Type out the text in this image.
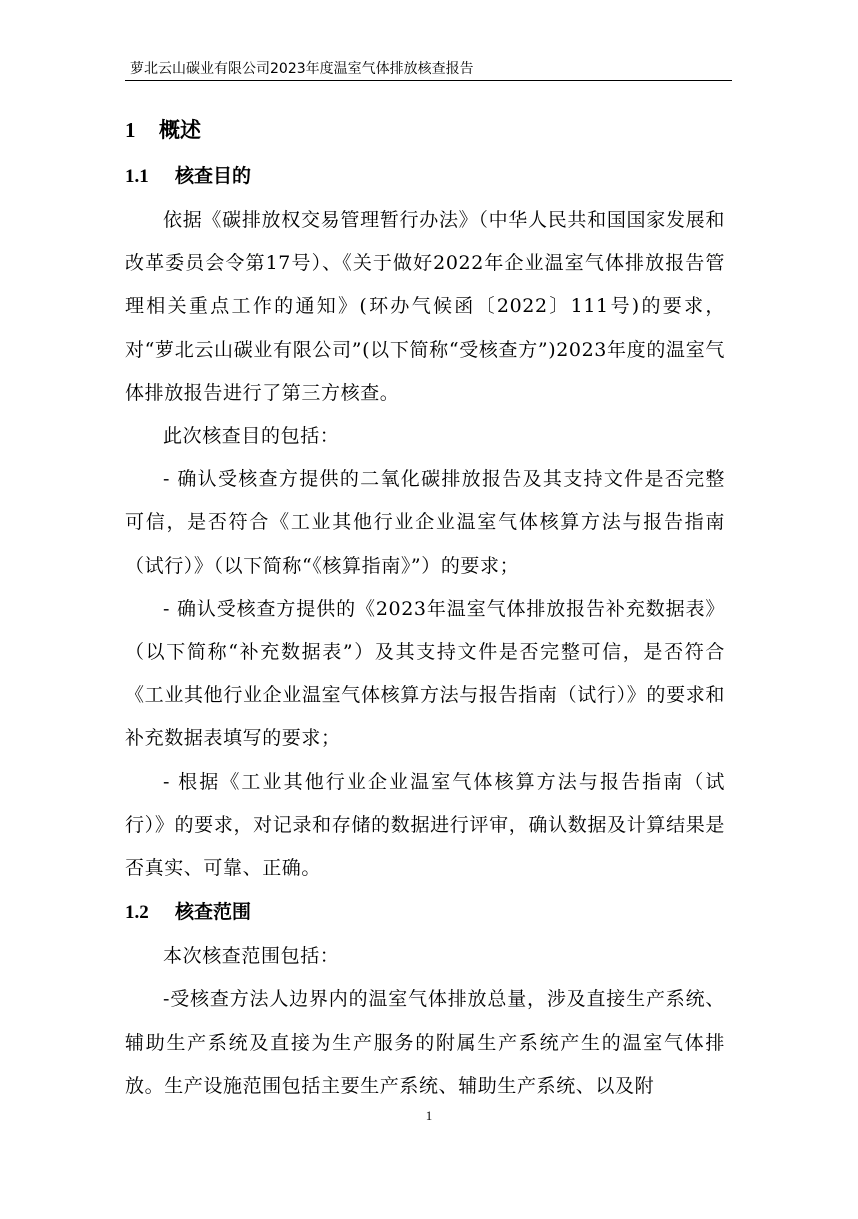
萝北云山碳业有限公司2023年度温室气体排放核查报告
1 概述
1.1 核查目的

依据《碳排放权交易管理暂行办法》（中华人民共和国国家发展和改革委员会令第17号）、《关于做好2022年企业温室气体排放报告管理相关重点工作的通知》(环办气候函〔2022〕111号)的要求，对“萝北云山碳业有限公司”(以下简称“受核查方”)2023年度的温室气体排放报告进行了第三方核查。

此次核查目的包括：

- 确认受核查方提供的二氧化碳排放报告及其支持文件是否完整可信，是否符合《工业其他行业企业温室气体核算方法与报告指南（试行）》（以下简称“《核算指南》”）的要求；

- 确认受核查方提供的《2023年温室气体排放报告补充数据表》（以下简称“补充数据表”）及其支持文件是否完整可信，是否符合《工业其他行业企业温室气体核算方法与报告指南（试行）》的要求和补充数据表填写的要求；

- 根据《工业其他行业企业温室气体核算方法与报告指南（试行）》的要求，对记录和存储的数据进行评审，确认数据及计算结果是否真实、可靠、正确。

1.2 核查范围

本次核查范围包括：

-受核查方法人边界内的温室气体排放总量，涉及直接生产系统、辅助生产系统及直接为生产服务的附属生产系统产生的温室气体排放。生产设施范围包括主要生产系统、辅助生产系统、以及附

1
